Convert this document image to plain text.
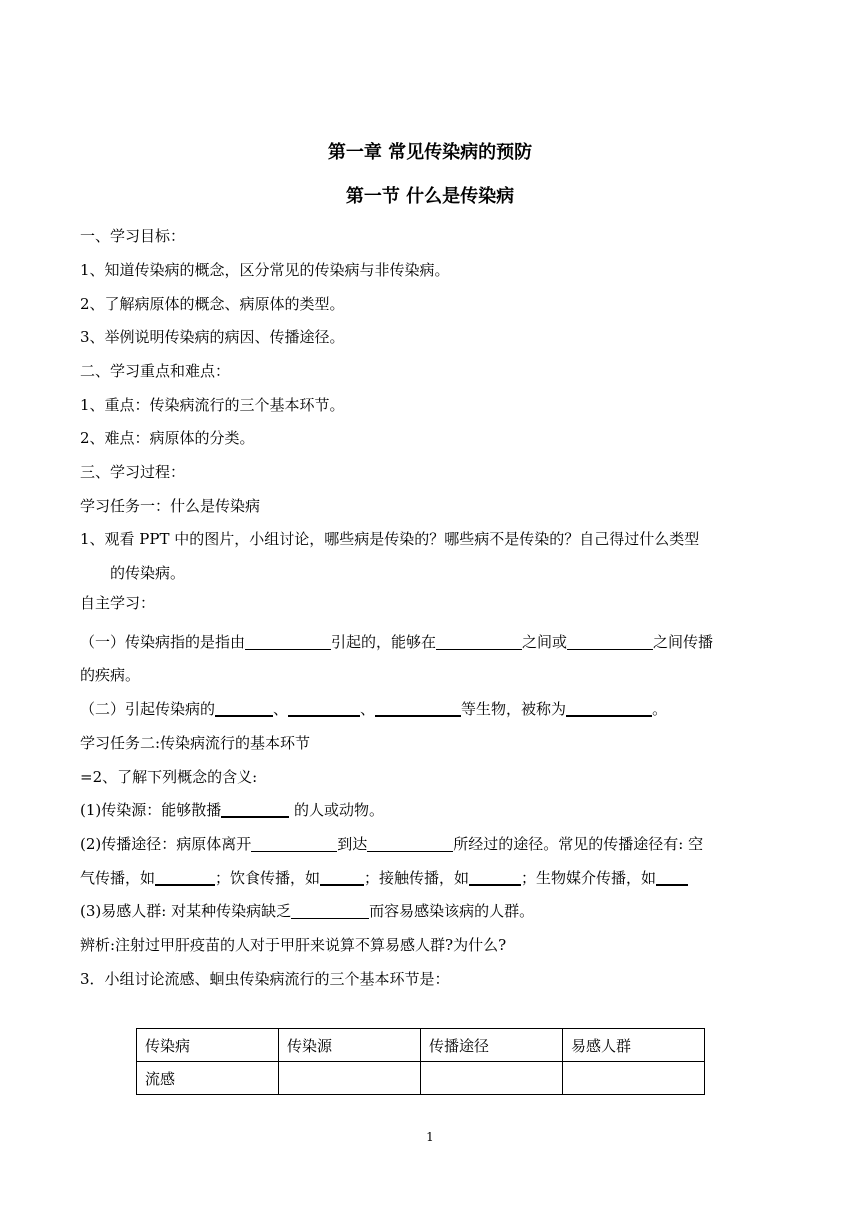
第一章 常见传染病的预防
第一节 什么是传染病
一、学习目标：
1、知道传染病的概念，区分常见的传染病与非传染病。
2、了解病原体的概念、病原体的类型。
3、举例说明传染病的病因、传播途径。
二、学习重点和难点：
1、重点：传染病流行的三个基本环节。
2、难点：病原体的分类。
三、学习过程：
学习任务一：什么是传染病
1、观看 PPT 中的图片，小组讨论，哪些病是传染的？哪些病不是传染的？自己得过什么类型
的传染病。
自主学习：
（一）传染病指的是指由	引起的，能够在	之间或	之间传播
的疾病。
（二）引起传染病的	、	、	等生物，被称为	。
学习任务二:传染病流行的基本环节
=2、了解下列概念的含义:
(1)传染源：能够散播	的人或动物。
(2)传播途径：病原体离开	到达	所经过的途径。常见的传播途径有: 空
气传播，如	；饮食传播，如	；接触传播，如	；生物媒介传播，如
(3)易感人群: 对某种传染病缺乏	而容易感染该病的人群。
辨析:注射过甲肝疫苗的人对于甲肝来说算不算易感人群?为什么?
3．小组讨论流感、蛔虫传染病流行的三个基本环节是：
传染病	传染源	传播途径	易感人群
流感			
1
